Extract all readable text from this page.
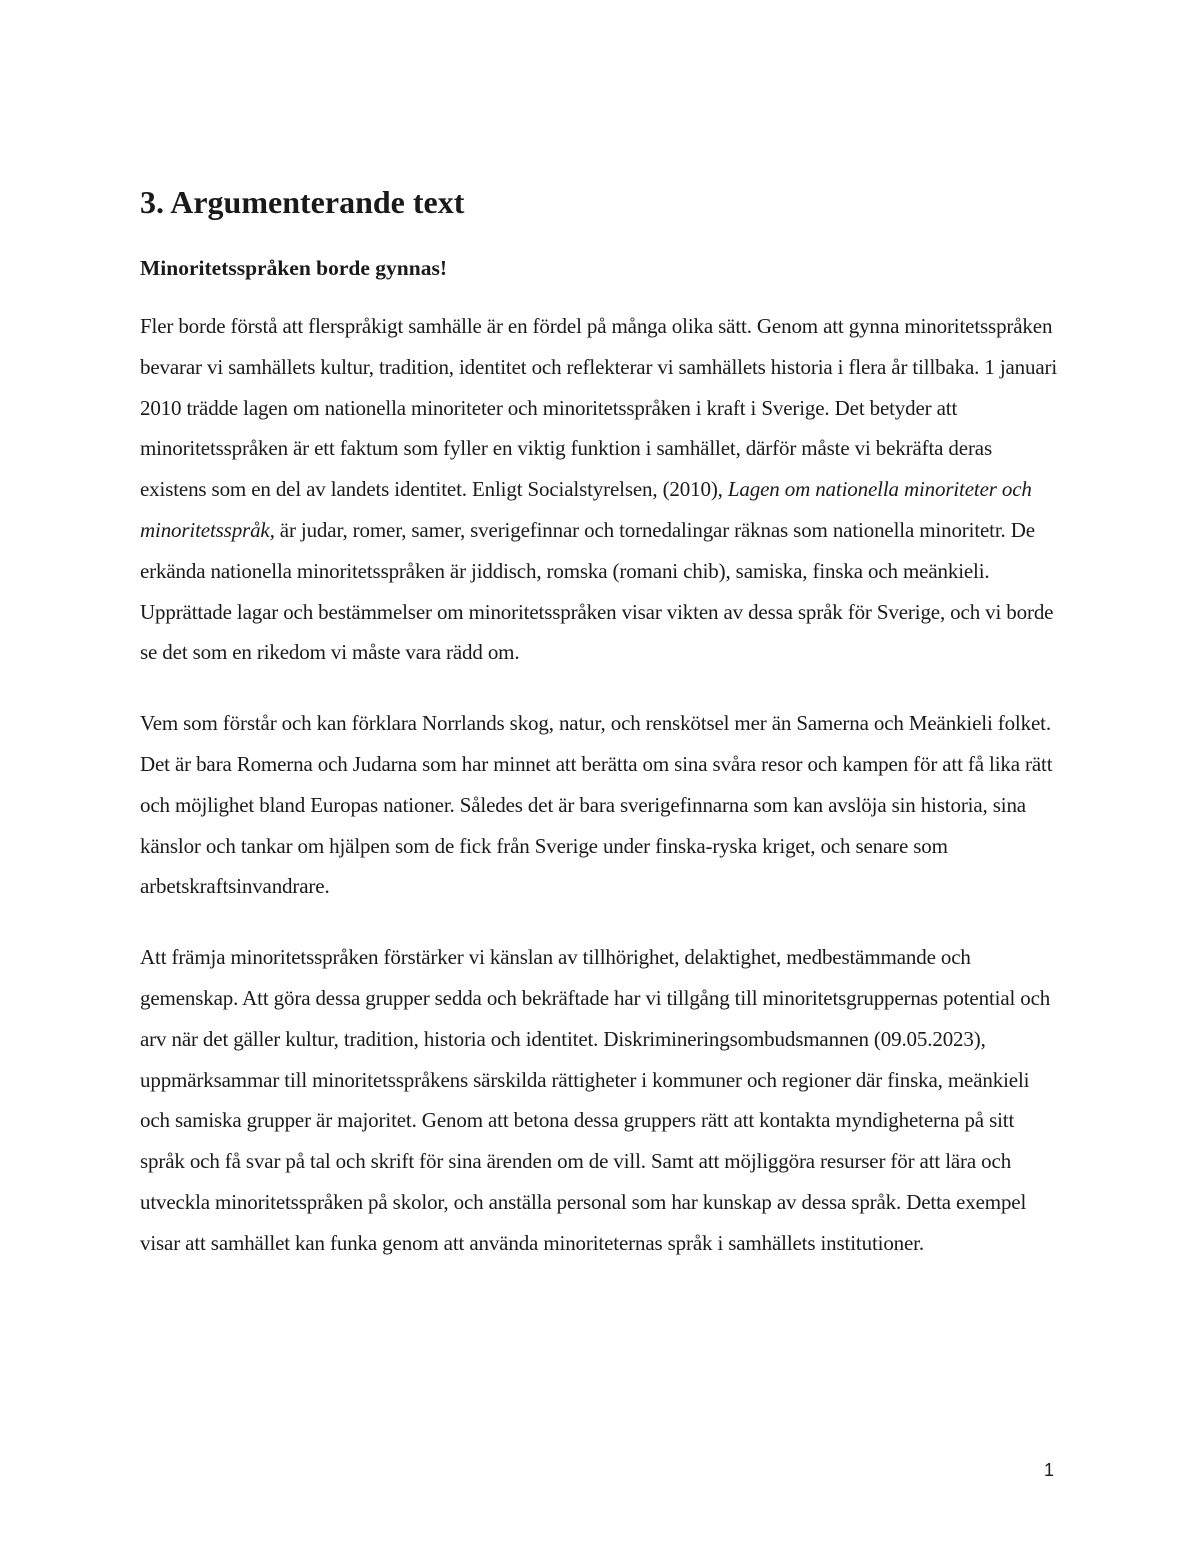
3. Argumenterande text
Minoritetsspråken borde gynnas!

Fler borde förstå att flerspråkigt samhälle är en fördel på många olika sätt. Genom att gynna minoritetsspråken bevarar vi samhällets kultur, tradition, identitet och reflekterar vi samhällets historia i flera år tillbaka. 1 januari 2010 trädde lagen om nationella minoriteter och minoritetsspråken i kraft i Sverige. Det betyder att minoritetsspråken är ett faktum som fyller en viktig funktion i samhället, därför måste vi bekräfta deras existens som en del av landets identitet. Enligt Socialstyrelsen, (2010), Lagen om nationella minoriteter och minoritetsspråk, är judar, romer, samer, sverigefinnar och tornedalingar räknas som nationella minoritetr. De erkända nationella minoritetsspråken är jiddisch, romska (romani chib), samiska, finska och meänkieli. Upprättade lagar och bestämmelser om minoritetsspråken visar vikten av dessa språk för Sverige, och vi borde se det som en rikedom vi måste vara rädd om.

Vem som förstår och kan förklara Norrlands skog, natur, och renskötsel mer än Samerna och Meänkieli folket. Det är bara Romerna och Judarna som har minnet att berätta om sina svåra resor och kampen för att få lika rätt och möjlighet bland Europas nationer. Således det är bara sverigefinnarna som kan avslöja sin historia, sina känslor och tankar om hjälpen som de fick från Sverige under finska-ryska kriget, och senare som arbetskraftsinvandrare.

Att främja minoritetsspråken förstärker vi känslan av tillhörighet, delaktighet, medbestämmande och gemenskap. Att göra dessa grupper sedda och bekräftade har vi tillgång till minoritetsgruppernas potential och arv när det gäller kultur, tradition, historia och identitet. Diskrimineringsombudsmannen (09.05.2023), uppmärksammar till minoritetsspråkens särskilda rättigheter i kommuner och regioner där finska, meänkieli och samiska grupper är majoritet. Genom att betona dessa gruppers rätt att kontakta myndigheterna på sitt språk och få svar på tal och skrift för sina ärenden om de vill. Samt att möjliggöra resurser för att lära och utveckla minoritetsspråken på skolor, och anställa personal som har kunskap av dessa språk. Detta exempel visar att samhället kan funka genom att använda minoriteternas språk i samhällets institutioner.

1
